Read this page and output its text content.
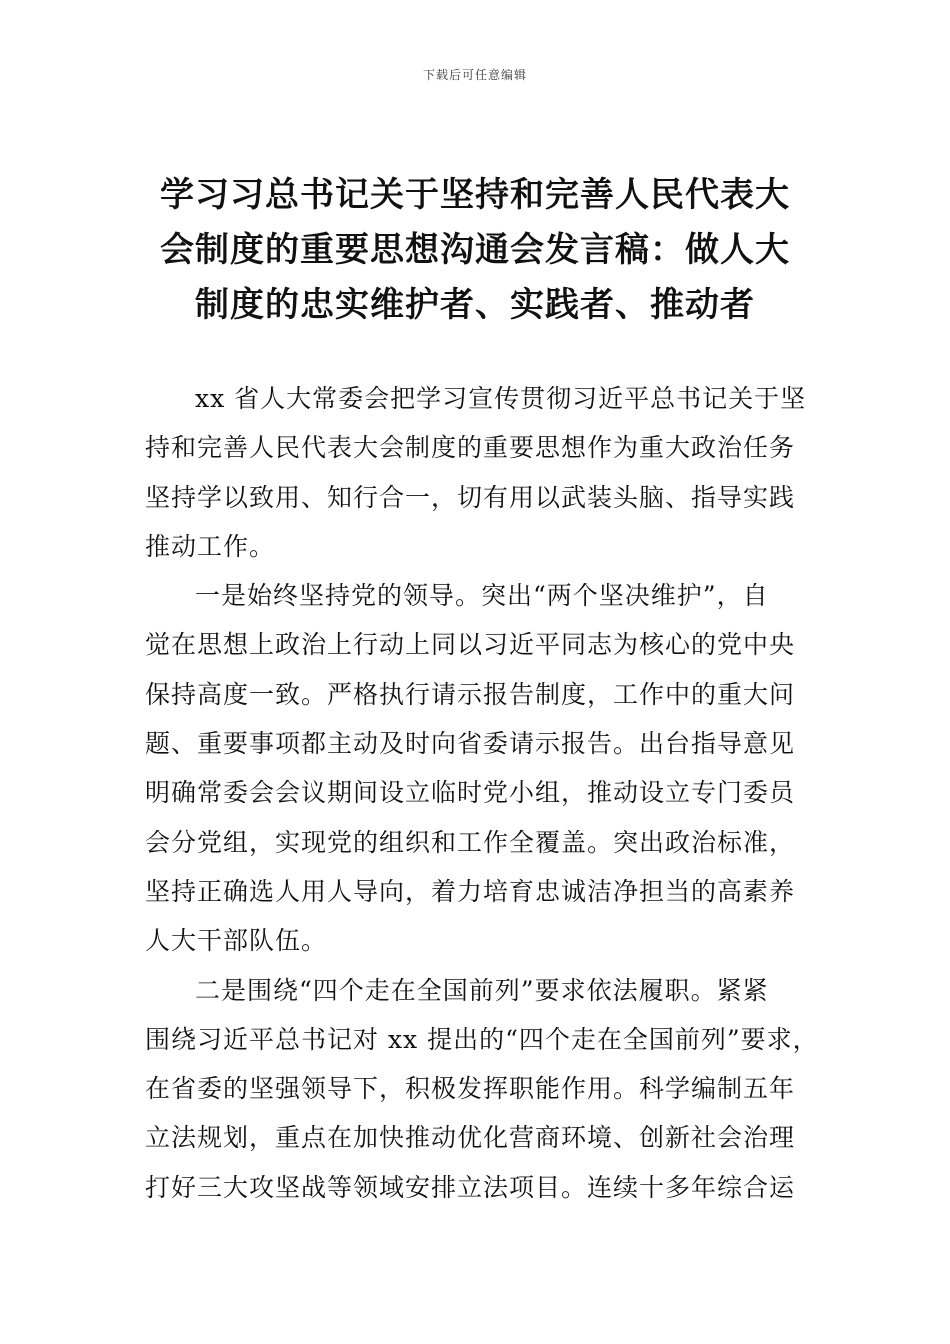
下载后可任意编辑
学习习总书记关于坚持和完善人民代表大
会制度的重要思想沟通会发言稿：做人大
制度的忠实维护者、实践者、推动者
xx 省人大常委会把学习宣传贯彻习近平总书记关于坚
持和完善人民代表大会制度的重要思想作为重大政治任务
坚持学以致用、知行合一，切有用以武装头脑、指导实践
推动工作。
一是始终坚持党的领导。突出“两个坚决维护”，自
觉在思想上政治上行动上同以习近平同志为核心的党中央
保持高度一致。严格执行请示报告制度，工作中的重大问
题、重要事项都主动及时向省委请示报告。出台指导意见
明确常委会会议期间设立临时党小组，推动设立专门委员
会分党组，实现党的组织和工作全覆盖。突出政治标准，
坚持正确选人用人导向，着力培育忠诚洁净担当的高素养
人大干部队伍。
二是围绕“四个走在全国前列”要求依法履职。紧紧
围绕习近平总书记对 xx 提出的“四个走在全国前列”要求，
在省委的坚强领导下，积极发挥职能作用。科学编制五年
立法规划，重点在加快推动优化营商环境、创新社会治理
打好三大攻坚战等领域安排立法项目。连续十多年综合运
